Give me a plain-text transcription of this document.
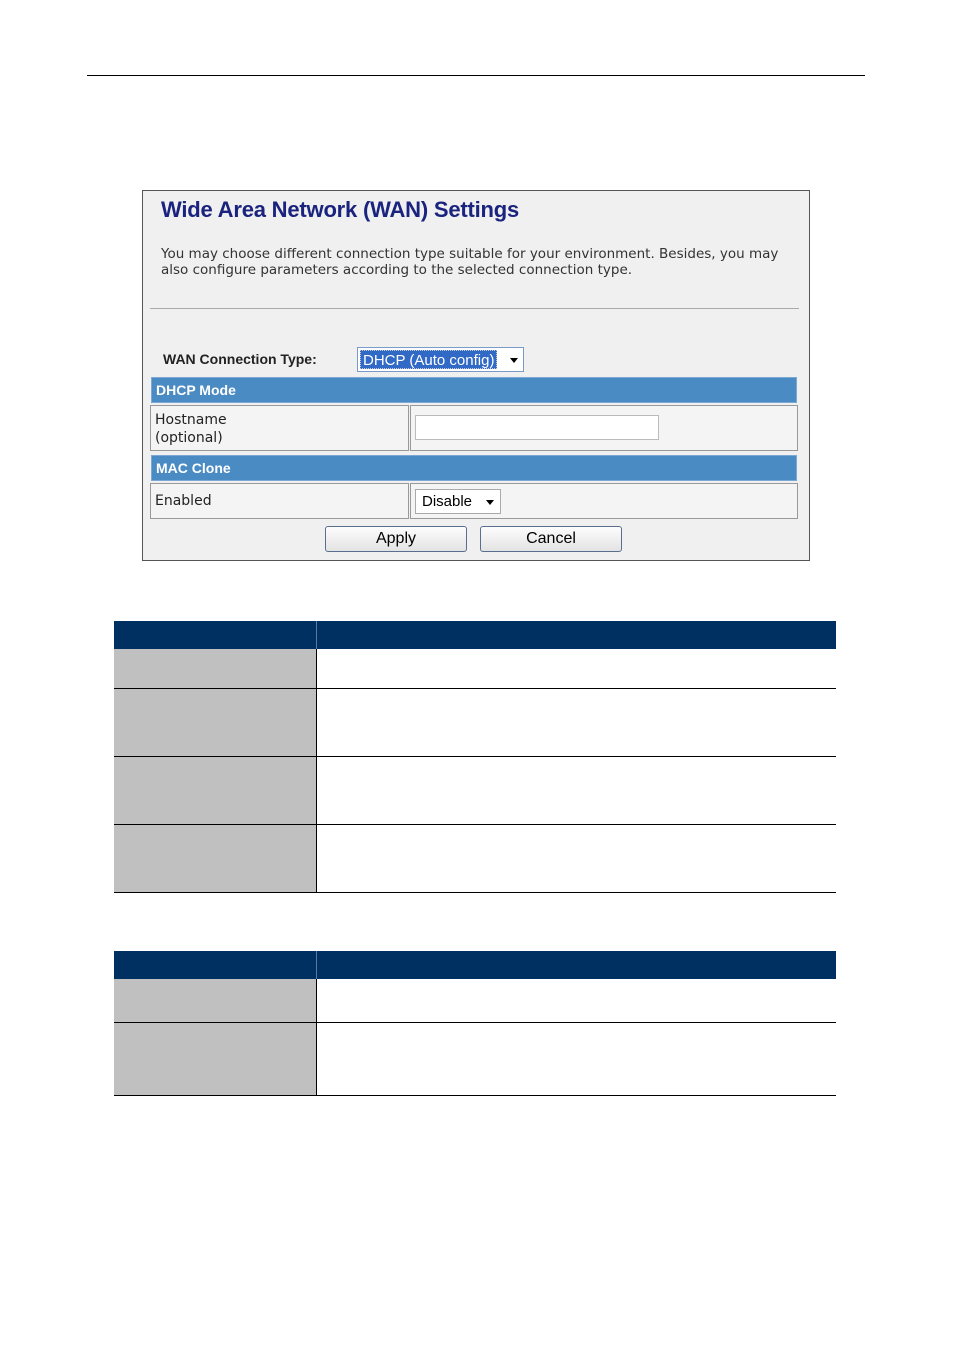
Wide Area Network (WAN) Settings
You may choose different connection type suitable for your environment. Besides, you may also configure parameters according to the selected connection type.
WAN Connection Type:	DHCP (Auto config)
DHCP Mode
Hostname
(optional)
MAC Clone
Enabled	Disable
Apply	Cancel
